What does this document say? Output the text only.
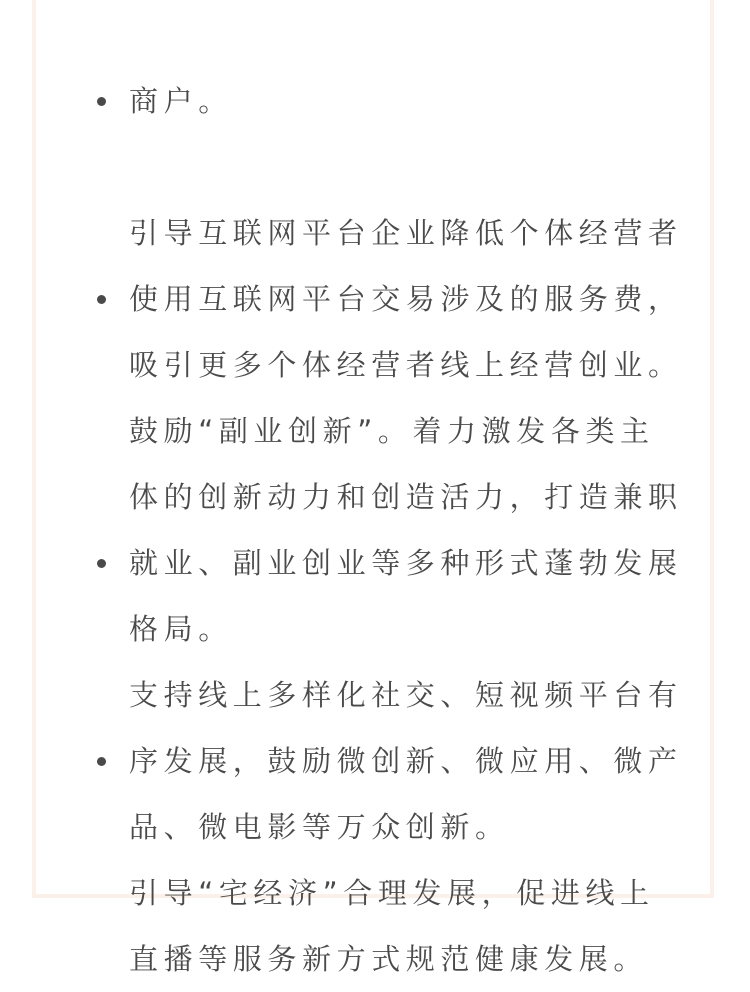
商户。

引导互联网平台企业降低个体经营者
使用互联网平台交易涉及的服务费，
吸引更多个体经营者线上经营创业。

鼓励“副业创新”。着力激发各类主
体的创新动力和创造活力，打造兼职
就业、副业创业等多种形式蓬勃发展
格局。

支持线上多样化社交、短视频平台有
序发展，鼓励微创新、微应用、微产
品、微电影等万众创新。

引导“宅经济”合理发展，促进线上
直播等服务新方式规范健康发展。
